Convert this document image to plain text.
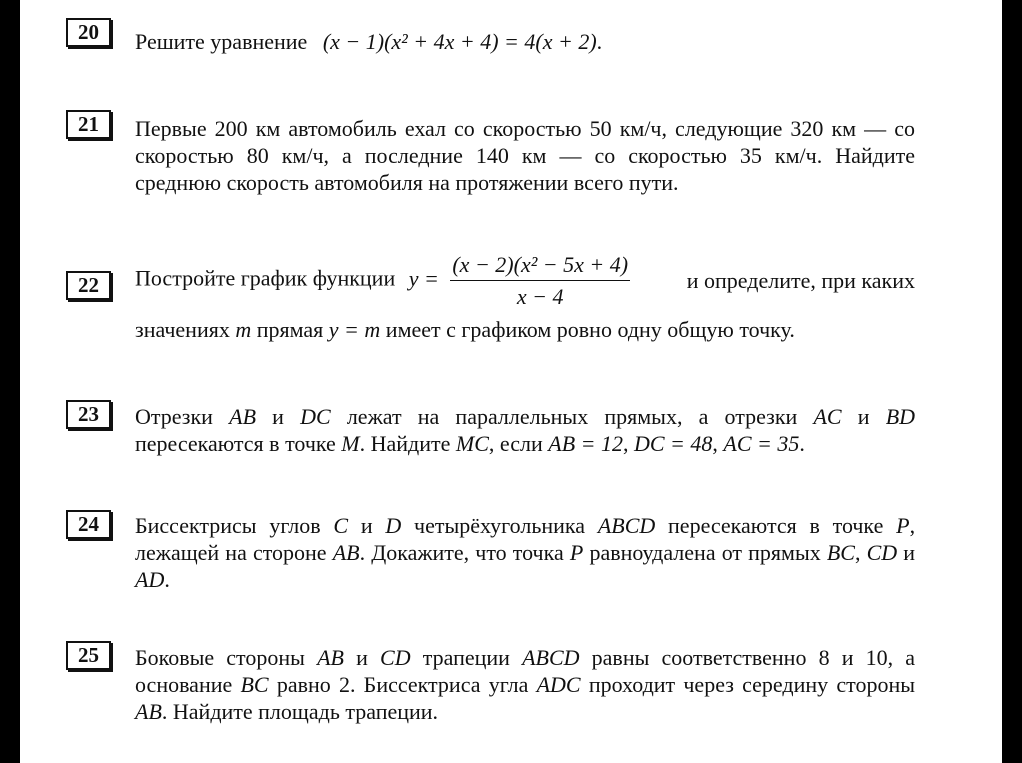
20	Решите уравнение (x − 1)(x² + 4x + 4) = 4(x + 2).

21	Первые 200 км автомобиль ехал со скоростью 50 км/ч, следующие 320 км — со скоростью 80 км/ч, а последние 140 км — со скоростью 35 км/ч. Найдите среднюю скорость автомобиля на протяжении всего пути.

22	Постройте график функции $y = \frac{\text{(x − 2)(x² − 5x + 4)}}{x - 4}$	и определите, при каких

значениях m прямая y = m имеет с графиком ровно одну общую точку.

23	Отрезки AB и DC лежат на параллельных прямых, а отрезки AC и BD пересекаются в точке M. Найдите MC, если AB = 12, DC = 48, AC = 35.

24	Биссектрисы углов C и D четырёхугольника ABCD пересекаются в точке P, лежащей на стороне AB. Докажите, что точка P равноудалена от прямых BC, CD и AD.

25	Боковые стороны AB и CD трапеции ABCD равны соответственно 8 и 10, а основание BC равно 2. Биссектриса угла ADC проходит через середину стороны AB. Найдите площадь трапеции.
